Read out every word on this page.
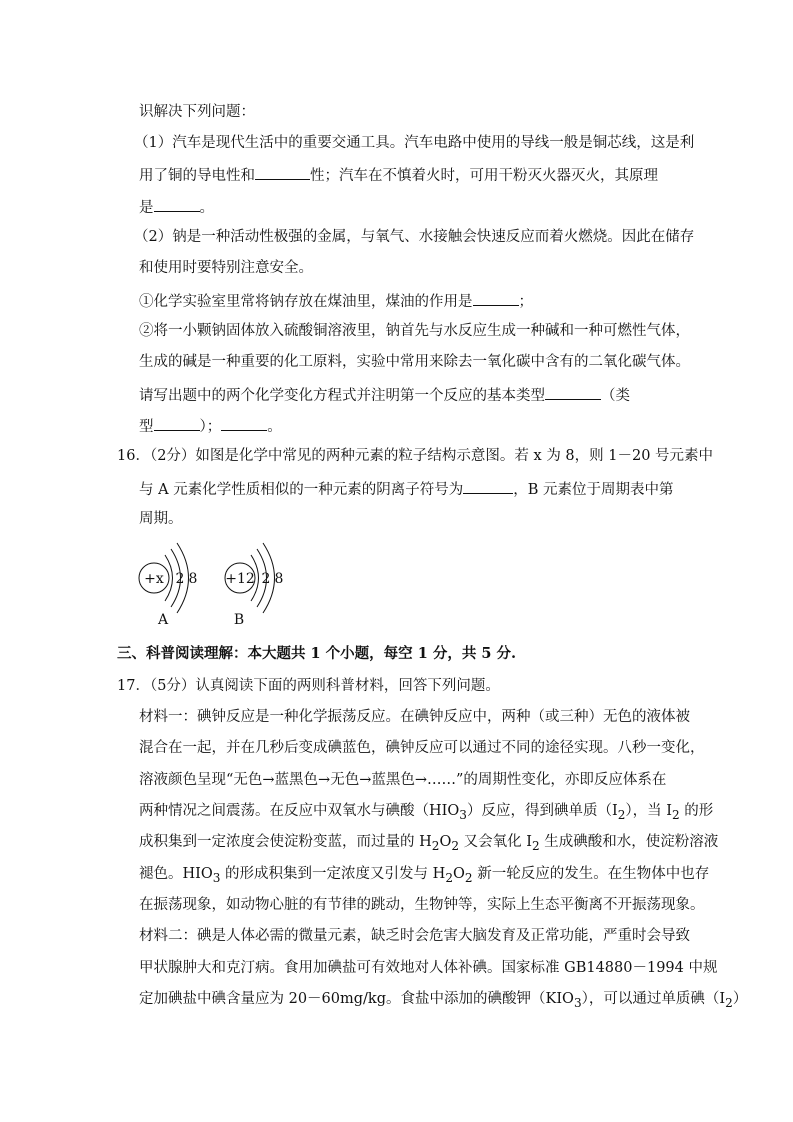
识解决下列问题：
（1）汽车是现代生活中的重要交通工具。汽车电路中使用的导线一般是铜芯线，这是利
用了铜的导电性和	性；汽车在不慎着火时，可用干粉灭火器灭火，其原理
是	。
（2）钠是一种活动性极强的金属，与氧气、水接触会快速反应而着火燃烧。因此在储存
和使用时要特别注意安全。
①化学实验室里常将钠存放在煤油里，煤油的作用是	；
②将一小颗钠固体放入硫酸铜溶液里，钠首先与水反应生成一种碱和一种可燃性气体，
生成的碱是一种重要的化工原料，实验中常用来除去一氧化碳中含有的二氧化碳气体。
请写出题中的两个化学变化方程式并注明第一个反应的基本类型	（类
型	）；	。
16．（2分）如图是化学中常见的两种元素的粒子结构示意图。若 x 为 8，则 1－20 号元素中
与 A 元素化学性质相似的一种元素的阴离子符号为	，B 元素位于周期表中第
周期。
+x 2 8
A
+12 2 8
B
三、科普阅读理解：本大题共 1 个小题，每空 1 分，共 5 分.
17．（5分）认真阅读下面的两则科普材料，回答下列问题。
材料一：碘钟反应是一种化学振荡反应。在碘钟反应中，两种（或三种）无色的液体被
混合在一起，并在几秒后变成碘蓝色，碘钟反应可以通过不同的途径实现。八秒一变化，
溶液颜色呈现“无色→蓝黑色→无色→蓝黑色→……”的周期性变化，亦即反应体系在
两种情况之间震荡。在反应中双氧水与碘酸$(HIO_3)$反应，得到碘单质$(I_2)$，当 $I_2$ 的形
成积集到一定浓度会使淀粉变蓝，而过量的 $H_2O_2$ 又会氧化 $I_2$ 生成碘酸和水，使淀粉溶液
褪色。$HIO_3$ 的形成积集到一定浓度又引发与 $H_2O_2$ 新一轮反应的发生。在生物体中也存
在振荡现象，如动物心脏的有节律的跳动，生物钟等，实际上生态平衡离不开振荡现象。
材料二：碘是人体必需的微量元素，缺乏时会危害大脑发育及正常功能，严重时会导致
甲状腺肿大和克汀病。食用加碘盐可有效地对人体补碘。国家标准 GB14880－1994 中规
定加碘盐中碘含量应为 20－60mg/kg。食盐中添加的碘酸钾$(KIO_3)$，可以通过单质碘$(I_2)$
